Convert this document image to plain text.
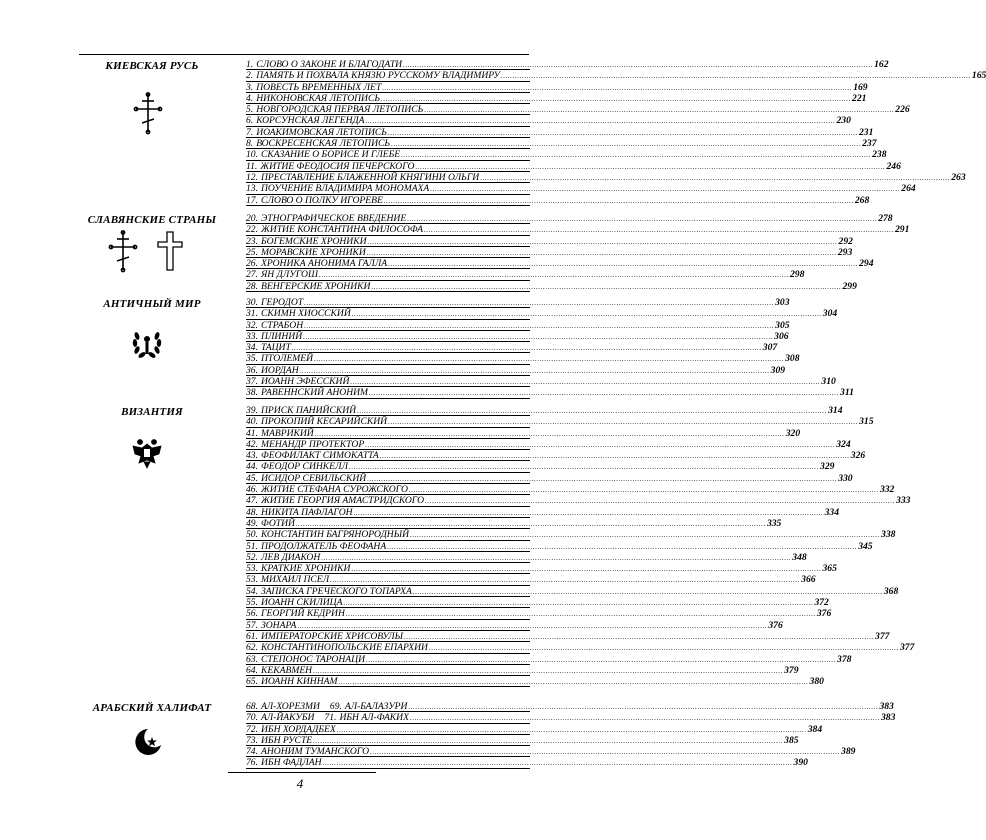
КИЕВСКАЯ РУСЬ
СЛАВЯНСКИЕ СТРАНЫ
АНТИЧНЫЙ МИР
ВИЗАНТИЯ
АРАБСКИЙ ХАЛИФАТ
1. СЛОВО О ЗАКОНЕ И БЛАГОДАТИ ........................................................................................................................................................................................................ 162
2. ПАМЯТЬ И ПОХВАЛА КНЯЗЮ РУССКОМУ ВЛАДИМИРУ ........................................................................................................................................................................................................ 165
3. ПОВЕСТЬ ВРЕМЕННЫХ ЛЕТ ........................................................................................................................................................................................................ 169
4. НИКОНОВСКАЯ ЛЕТОПИСЬ ........................................................................................................................................................................................................ 221
5. НОВГОРОДСКАЯ ПЕРВАЯ ЛЕТОПИСЬ ........................................................................................................................................................................................................ 226
6. КОРСУНСКАЯ ЛЕГЕНДА ........................................................................................................................................................................................................ 230
7. ИОАКИМОВСКАЯ ЛЕТОПИСЬ ........................................................................................................................................................................................................ 231
8. ВОСКРЕСЕНСКАЯ ЛЕТОПИСЬ ........................................................................................................................................................................................................ 237
10. СКАЗАНИЕ О БОРИСЕ И ГЛЕБЕ ........................................................................................................................................................................................................ 238
11. ЖИТИЕ ФЕОДОСИЯ ПЕЧЕРСКОГО ........................................................................................................................................................................................................ 246
12. ПРЕСТАВЛЕНИЕ БЛАЖЕННОЙ КНЯГИНИ ОЛЬГИ ........................................................................................................................................................................................................ 263
13. ПОУЧЕНИЕ ВЛАДИМИРА МОНОМАХА ........................................................................................................................................................................................................ 264
17. СЛОВО О ПОЛКУ ИГОРЕВЕ ........................................................................................................................................................................................................ 268
20. ЭТНОГРАФИЧЕСКОЕ ВВЕДЕНИЕ ........................................................................................................................................................................................................ 278
22. ЖИТИЕ КОНСТАНТИНА ФИЛОСОФА ........................................................................................................................................................................................................ 291
23. БОГЕМСКИЕ ХРОНИКИ ........................................................................................................................................................................................................ 292
25. МОРАВСКИЕ ХРОНИКИ ........................................................................................................................................................................................................ 293
26. ХРОНИКА АНОНИМА ГАЛЛА ........................................................................................................................................................................................................ 294
27. ЯН ДЛУГОШ ........................................................................................................................................................................................................ 298
28. ВЕНГЕРСКИЕ ХРОНИКИ ........................................................................................................................................................................................................ 299
30. ГЕРОДОТ ........................................................................................................................................................................................................ 303
31. СКИМН ХИОССКИЙ ........................................................................................................................................................................................................ 304
32. СТРАБОН ........................................................................................................................................................................................................ 305
33. ПЛИНИЙ ........................................................................................................................................................................................................ 306
34. ТАЦИТ ........................................................................................................................................................................................................ 307
35. ПТОЛЕМЕЙ ........................................................................................................................................................................................................ 308
36. ИОРДАН ........................................................................................................................................................................................................ 309
37. ИОАНН ЭФЕССКИЙ ........................................................................................................................................................................................................ 310
38. РАВЕННСКИЙ АНОНИМ ........................................................................................................................................................................................................ 311
39. ПРИСК ПАНИЙСКИЙ ........................................................................................................................................................................................................ 314
40. ПРОКОПИЙ КЕСАРИЙСКИЙ ........................................................................................................................................................................................................ 315
41. МАВРИКИЙ ........................................................................................................................................................................................................ 320
42. МЕНАНДР ПРОТЕКТОР ........................................................................................................................................................................................................ 324
43. ФЕОФИЛАКТ СИМОКАТТА ........................................................................................................................................................................................................ 326
44. ФЕОДОР СИНКЕЛЛ ........................................................................................................................................................................................................ 329
45. ИСИДОР СЕВИЛЬСКИЙ ........................................................................................................................................................................................................ 330
46. ЖИТИЕ СТЕФАНА СУРОЖСКОГО ........................................................................................................................................................................................................ 332
47. ЖИТИЕ ГЕОРГИЯ АМАСТРИДСКОГО ........................................................................................................................................................................................................ 333
48. НИКИТА ПАФЛАГОН ........................................................................................................................................................................................................ 334
49. ФОТИЙ ........................................................................................................................................................................................................ 335
50. КОНСТАНТИН БАГРЯНОРОДНЫЙ ........................................................................................................................................................................................................ 338
51. ПРОДОЛЖАТЕЛЬ ФЕОФАНА ........................................................................................................................................................................................................ 345
52. ЛЕВ ДИАКОН ........................................................................................................................................................................................................ 348
53. КРАТКИЕ ХРОНИКИ ........................................................................................................................................................................................................ 365
53. МИХАИЛ ПСЕЛ ........................................................................................................................................................................................................ 366
54. ЗАПИСКА ГРЕЧЕСКОГО ТОПАРХА ........................................................................................................................................................................................................ 368
55. ИОАНН СКИЛИЦА ........................................................................................................................................................................................................ 372
56. ГЕОРГИЙ КЕДРИН ........................................................................................................................................................................................................ 376
57. ЗОНАРА ........................................................................................................................................................................................................ 376
61. ИМПЕРАТОРСКИЕ ХРИСОВУЛЫ ........................................................................................................................................................................................................ 377
62. КОНСТАНТИНОПОЛЬСКИЕ ЕПАРХИИ ........................................................................................................................................................................................................ 377
63. СТЕПОНОС ТАРОНАЦИ ........................................................................................................................................................................................................ 378
64. КЕКАВМЕН ........................................................................................................................................................................................................ 379
65. ИОАНН КИННАМ ........................................................................................................................................................................................................ 380
68. АЛ-ХОРЕЗМИ 69. АЛ-БАЛАЗУРИ ........................................................................................................................................................................................................ 383
70. АЛ-ЙАКУБИ 71. ИБН АЛ-ФАКИХ ........................................................................................................................................................................................................ 383
72. ИБН ХОРДАДБЕХ ........................................................................................................................................................................................................ 384
73. ИБН РУСТЕ ........................................................................................................................................................................................................ 385
74. АНОНИМ ТУМАНСКОГО ........................................................................................................................................................................................................ 389
76. ИБН ФАДЛАН ........................................................................................................................................................................................................ 390
4
